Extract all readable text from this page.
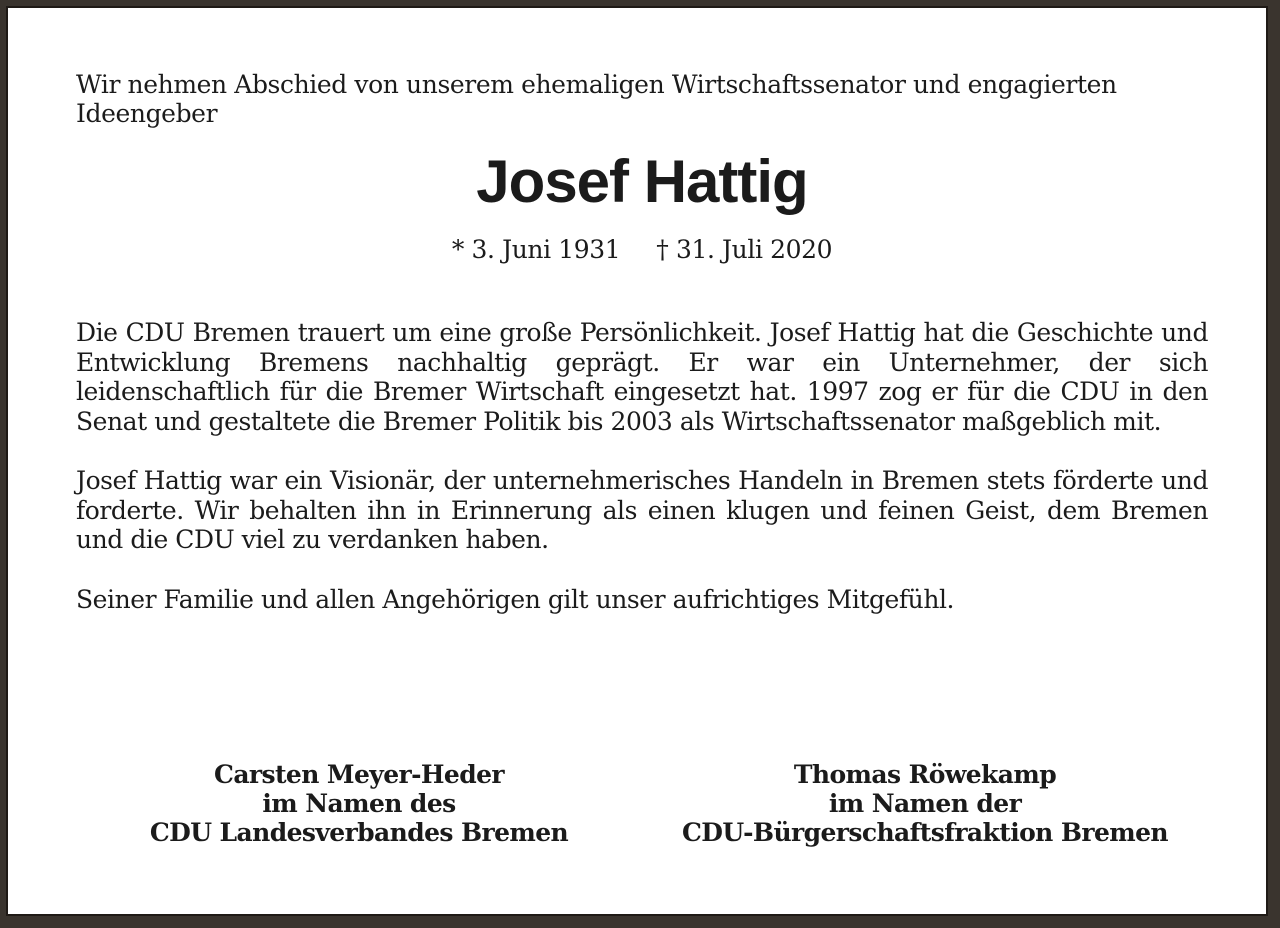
Wir nehmen Abschied von unserem ehemaligen Wirtschaftssenator und engagierten Ideengeber

Josef Hattig

* 3. Juni 1931 † 31. Juli 2020

Die CDU Bremen trauert um eine große Persönlichkeit. Josef Hattig hat die Geschichte und Entwicklung Bremens nachhaltig geprägt. Er war ein Unternehmer, der sich leidenschaftlich für die Bremer Wirtschaft eingesetzt hat. 1997 zog er für die CDU in den Senat und gestaltete die Bremer Politik bis 2003 als Wirtschaftssenator maßgeblich mit.

Josef Hattig war ein Visionär, der unternehmerisches Handeln in Bremen stets förderte und forderte. Wir behalten ihn in Erinnerung als einen klugen und feinen Geist, dem Bremen und die CDU viel zu verdanken haben.

Seiner Familie und allen Angehörigen gilt unser aufrichtiges Mitgefühl.

Carsten Meyer-Heder
im Namen des
CDU Landesverbandes Bremen
Thomas Röwekamp
im Namen der
CDU-Bürgerschaftsfraktion Bremen
